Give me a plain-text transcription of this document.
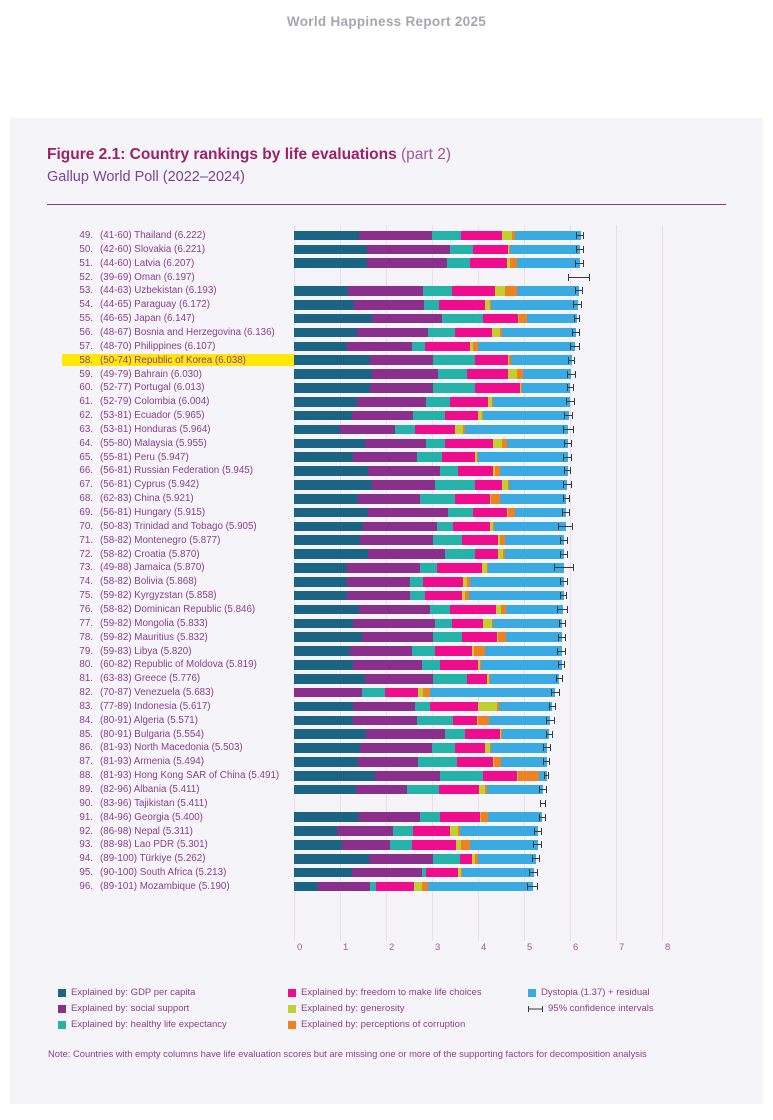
World Happiness Report 2025
Figure 2.1: Country rankings by life evaluations (part 2)
Gallup World Poll (2022–2024)
0	1	2	3	4	5	6	7	8
49. (41-60) Thailand (6.222)
50. (42-60) Slovakia (6.221)
51. (44-60) Latvia (6.207)
52. (39-69) Oman (6.197)
53. (44-63) Uzbekistan (6.193)
54. (44-65) Paraguay (6.172)
55. (46-65) Japan (6.147)
56. (48-67) Bosnia and Herzegovina (6.136)
57. (48-70) Philippines (6.107)
58. (50-74) Republic of Korea (6.038)
59. (49-79) Bahrain (6.030)
60. (52-77) Portugal (6.013)
61. (52-79) Colombia (6.004)
62. (53-81) Ecuador (5.965)
63. (53-81) Honduras (5.964)
64. (55-80) Malaysia (5.955)
65. (55-81) Peru (5.947)
66. (56-81) Russian Federation (5.945)
67. (56-81) Cyprus (5.942)
68. (62-83) China (5.921)
69. (56-81) Hungary (5.915)
70. (50-83) Trinidad and Tobago (5.905)
71. (58-82) Montenegro (5.877)
72. (58-82) Croatia (5.870)
73. (49-88) Jamaica (5.870)
74. (58-82) Bolivia (5.868)
75. (59-82) Kyrgyzstan (5.858)
76. (58-82) Dominican Republic (5.846)
77. (59-82) Mongolia (5.833)
78. (59-82) Mauritius (5.832)
79. (59-83) Libya (5.820)
80. (60-82) Republic of Moldova (5.819)
81. (63-83) Greece (5.776)
82. (70-87) Venezuela (5.683)
83. (77-89) Indonesia (5.617)
84. (80-91) Algeria (5.571)
85. (80-91) Bulgaria (5.554)
86. (81-93) North Macedonia (5.503)
87. (81-93) Armenia (5.494)
88. (81-93) Hong Kong SAR of China (5.491)
89. (82-96) Albania (5.411)
90. (83-96) Tajikistan (5.411)
91. (84-96) Georgia (5.400)
92. (86-98) Nepal (5.311)
93. (88-98) Lao PDR (5.301)
94. (89-100) Türkiye (5.262)
95. (90-100) South Africa (5.213)
96. (89-101) Mozambique (5.190)
Explained by: GDP per capita
Explained by: social support
Explained by: healthy life expectancy
Explained by: freedom to make life choices
Explained by: generosity
Explained by: perceptions of corruption
Dystopia (1.37) + residual
95% confidence intervals
Note: Countries with empty columns have life evaluation scores but are missing one or more of the supporting factors for decomposition analysis
